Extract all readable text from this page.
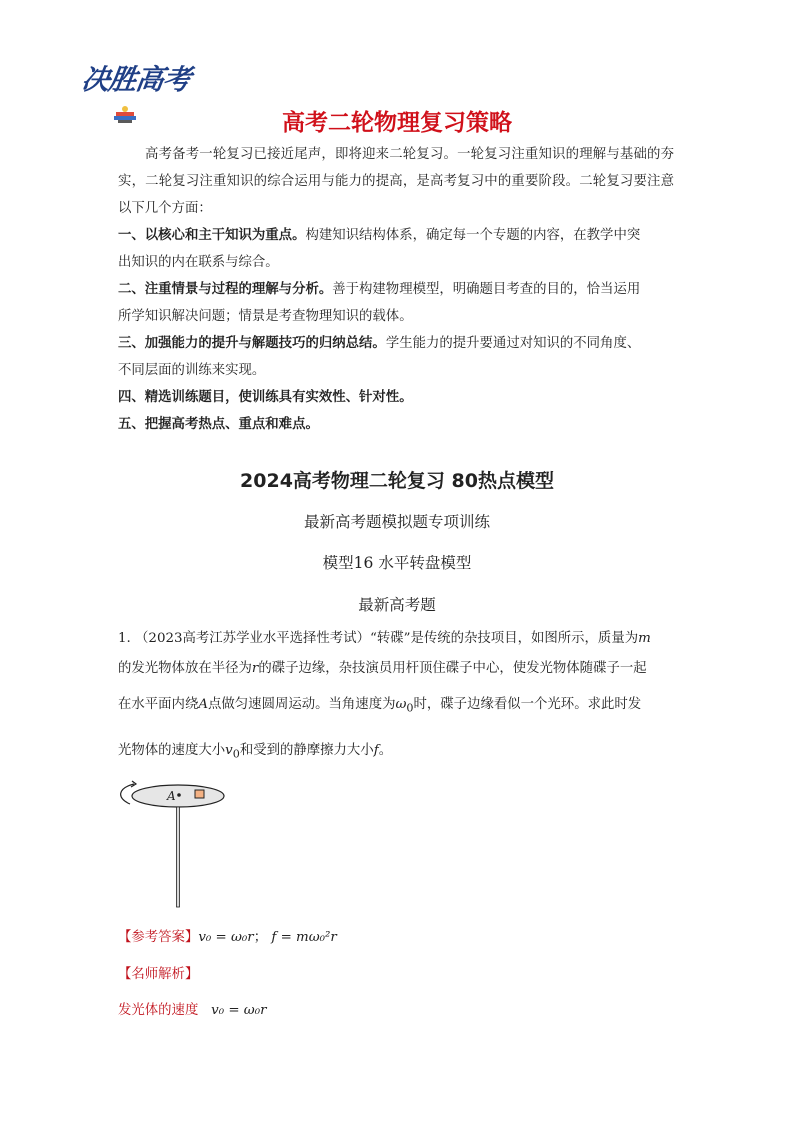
决胜高考
高考二轮物理复习策略

高考备考一轮复习已接近尾声，即将迎来二轮复习。一轮复习注重知识的理解与基础的夯实，二轮复习注重知识的综合运用与能力的提高，是高考复习中的重要阶段。二轮复习要注意以下几个方面：

一、以核心和主干知识为重点。构建知识结构体系，确定每一个专题的内容，在教学中突
出知识的内在联系与综合。
二、注重情景与过程的理解与分析。善于构建物理模型，明确题目考查的目的，恰当运用
所学知识解决问题；情景是考查物理知识的载体。
三、加强能力的提升与解题技巧的归纳总结。学生能力的提升要通过对知识的不同角度、
不同层面的训练来实现。
四、精选训练题目，使训练具有实效性、针对性。
五、把握高考热点、重点和难点。
2024高考物理二轮复习 80热点模型
最新高考题模拟题专项训练
模型16 水平转盘模型
最新高考题
1. （2023高考江苏学业水平选择性考试）“转碟”是传统的杂技项目，如图所示，质量为m
的发光物体放在半径为r的碟子边缘，杂技演员用杆顶住碟子中心，使发光物体随碟子一起
在水平面内绕A点做匀速圆周运动。当角速度为$\omega_0$时，碟子边缘看似一个光环。求此时发
光物体的速度大小$v_0$和受到的静摩擦力大小f。
A
【参考答案】v₀ = ω₀r； f = mω₀²r
【名师解析】
发光体的速度 v₀ = ω₀r
